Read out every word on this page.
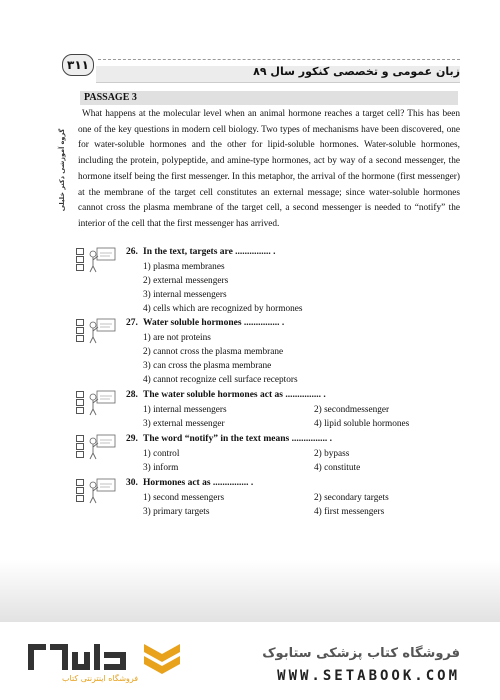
۳۱۱	زبان عمومی و تخصصی کنکور سال ۸۹
گروه آموزشی دکتر خلیلی
PASSAGE 3

What happens at the molecular level when an animal hormone reaches a target cell? This has been one of the key questions in modern cell biology. Two types of mechanisms have been discovered, one for water-soluble hormones and the other for lipid-soluble hormones. Water-soluble hormones, including the protein, polypeptide, and amine-type hormones, act by way of a second messenger, the hormone itself being the first messenger. In this metaphor, the arrival of the hormone (first messenger) at the membrane of the target cell constitutes an external message; since water-soluble hormones cannot cross the plasma membrane of the target cell, a second messenger is needed to “notify” the interior of the cell that the first messenger has arrived.

26. In the text, targets are ............... .
1) plasma membranes
2) external messengers
3) internal messengers
4) cells which are recognized by hormones
27. Water soluble hormones ............... .
1) are not proteins
2) cannot cross the plasma membrane
3) can cross the plasma membrane
4) cannot recognize cell surface receptors
28. The water soluble hormones act as ............... .
1) internal messengers	2) secondmessenger
3) external messenger	4) lipid soluble hormones
29. The word “notify” in the text means ............... .
1) control	2) bypass
3) inform	4) constitute
30. Hormones act as ............... .
1) second messengers	2) secondary targets
3) primary targets	4) first messengers
فروشگاه اینترنتی کتاب
فروشگاه کتاب پزشکی ستابوک
WWW.SETABOOK.COM
